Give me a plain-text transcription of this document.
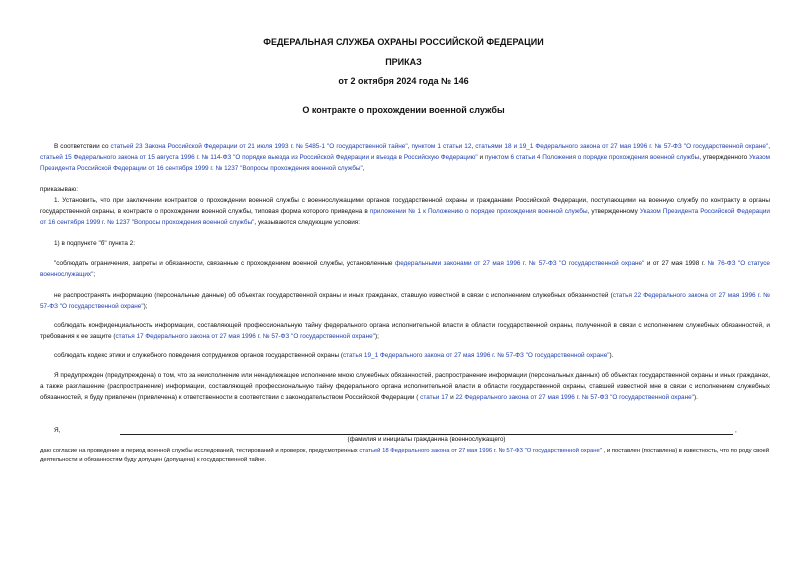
ФЕДЕРАЛЬНАЯ СЛУЖБА ОХРАНЫ РОССИЙСКОЙ ФЕДЕРАЦИИ
ПРИКАЗ
от 2 октября 2024 года № 146
О контракте о прохождении военной службы

В соответствии со статьей 23 Закона Российской Федерации от 21 июля 1993 г. № 5485-1 "О государственной тайне", пунктом 1 статьи 12, статьями 18 и 19_1 Федерального закона от 27 мая 1996 г. № 57-ФЗ "О государственной охране", статьей 15 Федерального закона от 15 августа 1996 г. № 114-ФЗ "О порядке выезда из Российской Федерации и въезда в Российскую Федерацию" и пунктом 6 статьи 4 Положения о порядке прохождения военной службы, утвержденного Указом Президента Российской Федерации от 16 сентября 1999 г. № 1237 "Вопросы прохождения военной службы",

приказываю:

1. Установить, что при заключении контрактов о прохождении военной службы с военнослужащими органов государственной охраны и гражданами Российской Федерации, поступающими на военную службу по контракту в органы государственной охраны, в контракте о прохождении военной службы, типовая форма которого приведена в приложении № 1 к Положению о порядке прохождения военной службы, утвержденному Указом Президента Российской Федерации от 16 сентября 1999 г. № 1237 "Вопросы прохождения военной службы", указываются следующие условия:

1) в подпункте "б" пункта 2:

"соблюдать ограничения, запреты и обязанности, связанные с прохождением военной службы, установленные федеральными законами от 27 мая 1996 г. № 57-ФЗ "О государственной охране" и от 27 мая 1998 г. № 76-ФЗ "О статусе военнослужащих";

не распространять информацию (персональные данные) об объектах государственной охраны и иных гражданах, ставшую известной в связи с исполнением служебных обязанностей (статья 22 Федерального закона от 27 мая 1996 г. № 57-ФЗ "О государственной охране");

соблюдать конфиденциальность информации, составляющей профессиональную тайну федерального органа исполнительной власти в области государственной охраны, полученной в связи с исполнением служебных обязанностей, и требования к ее защите (статья 17 Федерального закона от 27 мая 1996 г. № 57-ФЗ "О государственной охране");

соблюдать кодекс этики и служебного поведения сотрудников органов государственной охраны (статья 19_1 Федерального закона от 27 мая 1996 г. № 57-ФЗ "О государственной охране").

Я предупрежден (предупреждена) о том, что за неисполнение или ненадлежащее исполнение мною служебных обязанностей, распространение информации (персональных данных) об объектах государственной охраны и иных гражданах, а также разглашение (распространение) информации, составляющей профессиональную тайну федерального органа исполнительной власти в области государственной охраны, ставшей известной мне в связи с исполнением служебных обязанностей, я буду привлечен (привлечена) к ответственности в соответствии с законодательством Российской Федерации ( статьи 17 и 22 Федерального закона от 27 мая 1996 г. № 57-ФЗ "О государственной охране").

Я,	,
(фамилия и инициалы гражданина (военнослужащего)

даю согласие на проведение в период военной службы исследований, тестирований и проверок, предусмотренных статьей 18 Федерального закона от 27 мая 1996 г. № 57-ФЗ "О государственной охране" , и поставлен (поставлена) в известность, что по роду своей деятельности и обязанностям буду допущен (допущена) к государственной тайне.
